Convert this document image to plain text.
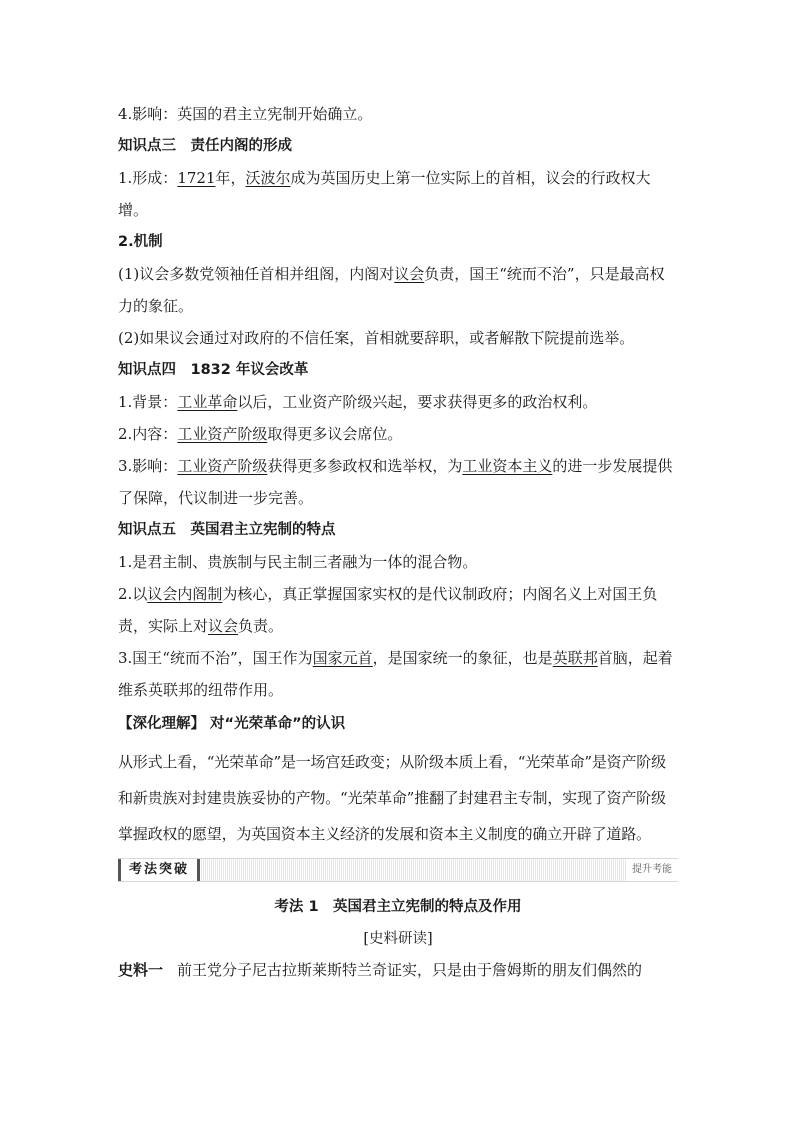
4.影响：英国的君主立宪制开始确立。
知识点三　责任内阁的形成
1.形成：1721年，沃波尔成为英国历史上第一位实际上的首相，议会的行政权大增。
2.机制
(1)议会多数党领袖任首相并组阁，内阁对议会负责，国王“统而不治”，只是最高权力的象征。
(2)如果议会通过对政府的不信任案，首相就要辞职，或者解散下院提前选举。
知识点四　1832 年议会改革
1.背景：工业革命以后，工业资产阶级兴起，要求获得更多的政治权利。
2.内容：工业资产阶级取得更多议会席位。
3.影响：工业资产阶级获得更多参政权和选举权，为工业资本主义的进一步发展提供了保障，代议制进一步完善。
知识点五　英国君主立宪制的特点
1.是君主制、贵族制与民主制三者融为一体的混合物。
2.以议会内阁制为核心，真正掌握国家实权的是代议制政府；内阁名义上对国王负责，实际上对议会负责。
3.国王“统而不治”，国王作为国家元首，是国家统一的象征，也是英联邦首脑，起着维系英联邦的纽带作用。
【深化理解】 对“光荣革命”的认识
从形式上看，“光荣革命”是一场宫廷政变；从阶级本质上看，“光荣革命”是资产阶级和新贵族对封建贵族妥协的产物。“光荣革命”推翻了封建君主专制，实现了资产阶级掌握政权的愿望，为英国资本主义经济的发展和资本主义制度的确立开辟了道路。
考法突破	提升考能
考法 1　英国君主立宪制的特点及作用
[史料研读]
史料一 前王党分子尼古拉斯莱斯特兰奇证实，只是由于詹姆斯的朋友们偶然的
